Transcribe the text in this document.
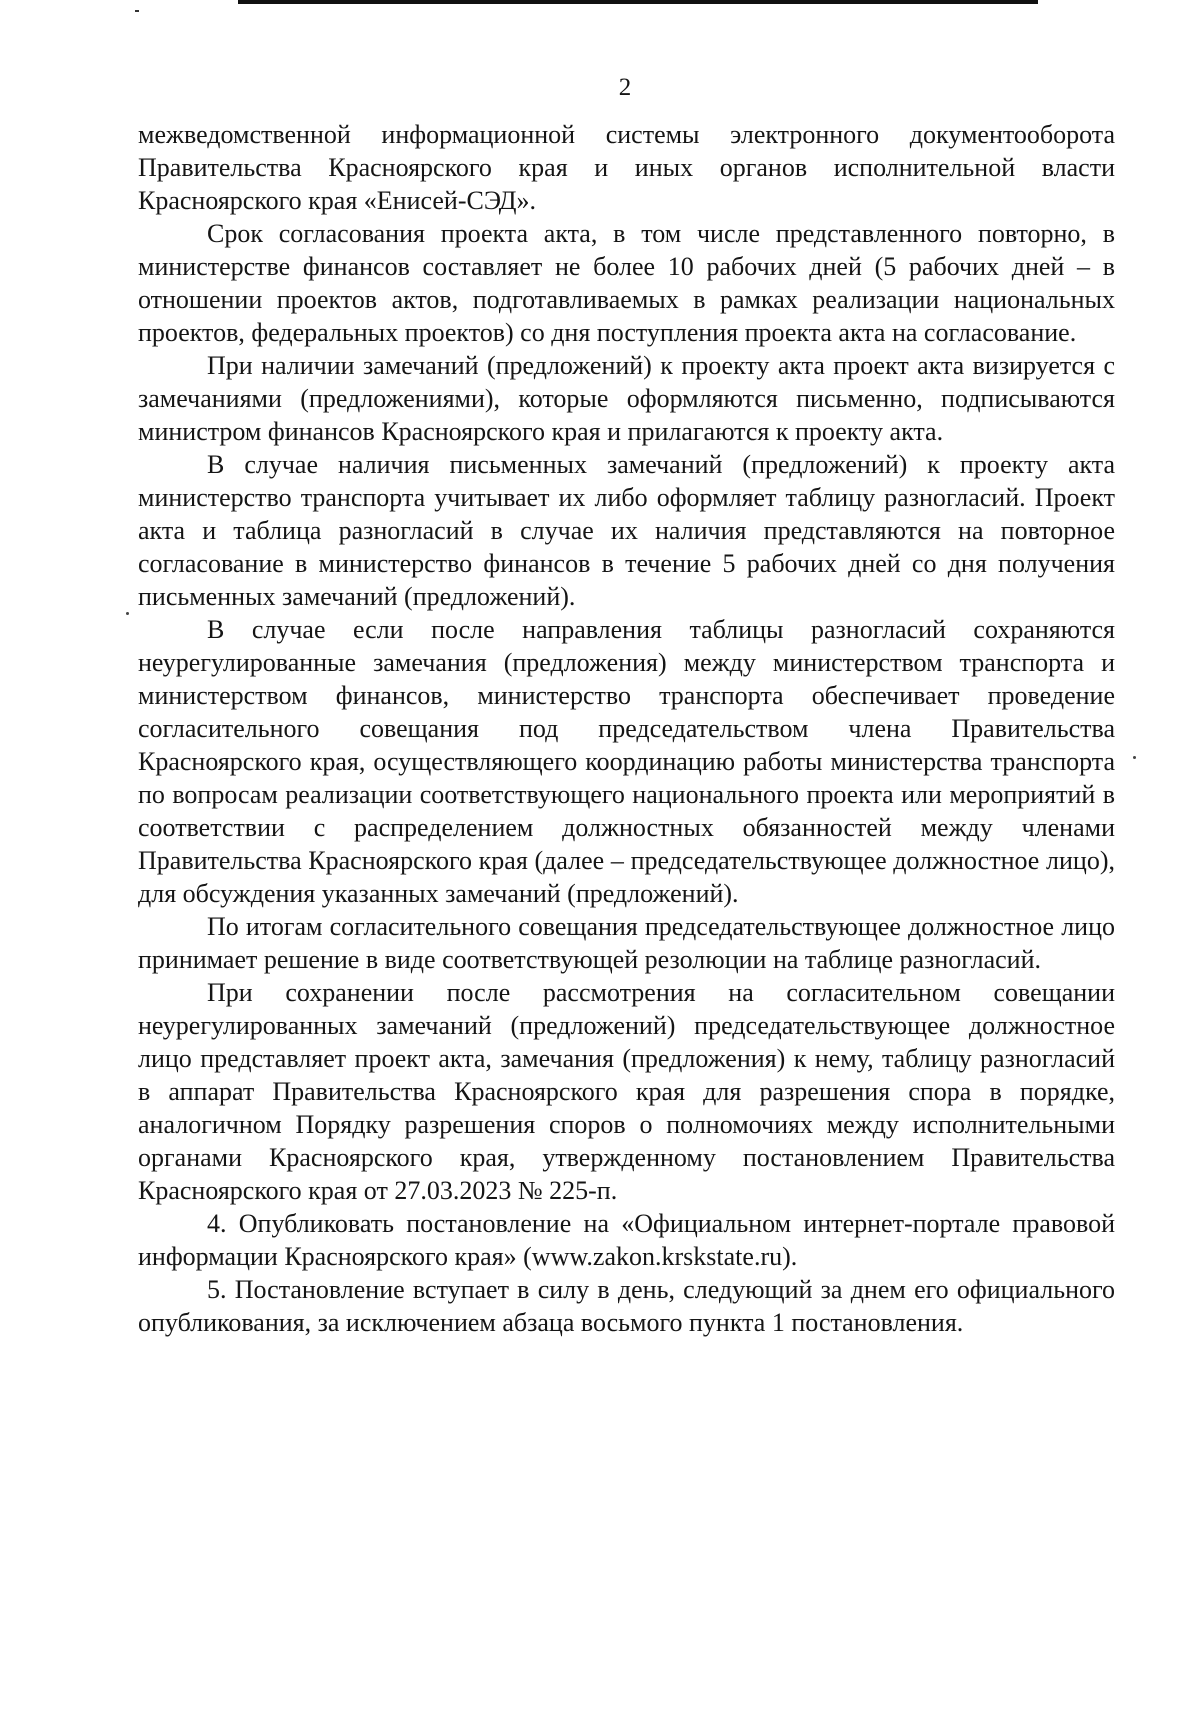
2

межведомственной информационной системы электронного документооборота Правительства Красноярского края и иных органов исполнительной власти Красноярского края «Енисей-СЭД».

Срок согласования проекта акта, в том числе представленного повторно, в министерстве финансов составляет не более 10 рабочих дней (5 рабочих дней – в отношении проектов актов, подготавливаемых в рамках реализации национальных проектов, федеральных проектов) со дня поступления проекта акта на согласование.

При наличии замечаний (предложений) к проекту акта проект акта визируется с замечаниями (предложениями), которые оформляются письменно, подписываются министром финансов Красноярского края и прилагаются к проекту акта.

В случае наличия письменных замечаний (предложений) к проекту акта министерство транспорта учитывает их либо оформляет таблицу разногласий. Проект акта и таблица разногласий в случае их наличия представляются на повторное согласование в министерство финансов в течение 5 рабочих дней со дня получения письменных замечаний (предложений).

В случае если после направления таблицы разногласий сохраняются неурегулированные замечания (предложения) между министерством транспорта и министерством финансов, министерство транспорта обеспечивает проведение согласительного совещания под председательством члена Правительства Красноярского края, осуществляющего координацию работы министерства транспорта по вопросам реализации соответствующего национального проекта или мероприятий в соответствии с распределением должностных обязанностей между членами Правительства Красноярского края (далее – председательствующее должностное лицо), для обсуждения указанных замечаний (предложений).

По итогам согласительного совещания председательствующее должностное лицо принимает решение в виде соответствующей резолюции на таблице разногласий.

При сохранении после рассмотрения на согласительном совещании неурегулированных замечаний (предложений) председательствующее должностное лицо представляет проект акта, замечания (предложения) к нему, таблицу разногласий в аппарат Правительства Красноярского края для разрешения спора в порядке, аналогичном Порядку разрешения споров о полномочиях между исполнительными органами Красноярского края, утвержденному постановлением Правительства Красноярского края от 27.03.2023 № 225-п.

4. Опубликовать постановление на «Официальном интернет-портале правовой информации Красноярского края» (www.zakon.krskstate.ru).

5. Постановление вступает в силу в день, следующий за днем его официального опубликования, за исключением абзаца восьмого пункта 1 постановления.
